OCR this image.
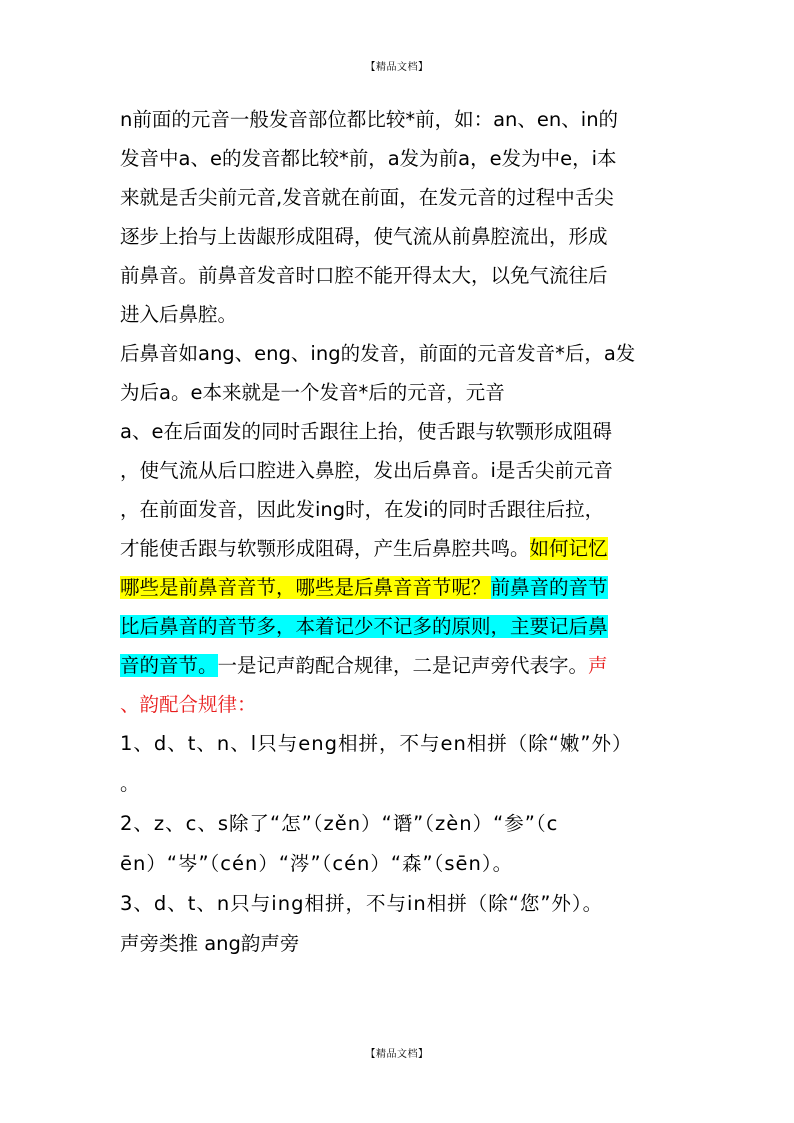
【精品文档】
n前面的元音一般发音部位都比较*前，如：an、en、in的
发音中a、e的发音都比较*前，a发为前a，e发为中e，i本
来就是舌尖前元音,发音就在前面，在发元音的过程中舌尖
逐步上抬与上齿龈形成阻碍，使气流从前鼻腔流出，形成
前鼻音。前鼻音发音时口腔不能开得太大，以免气流往后
进入后鼻腔。
后鼻音如ang、eng、ing的发音，前面的元音发音*后，a发
为后a。e本来就是一个发音*后的元音，元音
a、e在后面发的同时舌跟往上抬，使舌跟与软颚形成阻碍
，使气流从后口腔进入鼻腔，发出后鼻音。i是舌尖前元音
，在前面发音，因此发ing时，在发i的同时舌跟往后拉，
才能使舌跟与软颚形成阻碍，产生后鼻腔共鸣。如何记忆
哪些是前鼻音音节，哪些是后鼻音音节呢？前鼻音的音节
比后鼻音的音节多，本着记少不记多的原则，主要记后鼻
音的音节。一是记声韵配合规律，二是记声旁代表字。声
、韵配合规律：
1、d、t、n、l只与eng相拼，不与en相拼（除“嫩”外）
。
2、z、c、s除了“怎”（zěn）“谮”（zèn）“参”（c
ēn）“岑”（cén）“涔”（cén）“森”（sēn）。
3、d、t、n只与ing相拼，不与in相拼（除“您”外）。
声旁类推 ang韵声旁
【精品文档】
